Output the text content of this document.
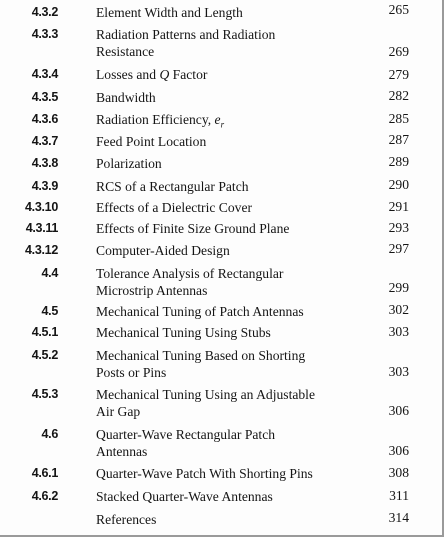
4.3.2	Element Width and Length	265
4.3.3	Radiation Patterns and Radiation
Resistance	269
4.3.4	Losses and Q Factor	279
4.3.5	Bandwidth	282
4.3.6	Radiation Efficiency, $e_r$	285
4.3.7	Feed Point Location	287
4.3.8	Polarization	289
4.3.9	RCS of a Rectangular Patch	290
4.3.10	Effects of a Dielectric Cover	291
4.3.11	Effects of Finite Size Ground Plane	293
4.3.12	Computer-Aided Design	297
4.4	Tolerance Analysis of Rectangular
Microstrip Antennas	299
4.5	Mechanical Tuning of Patch Antennas	302
4.5.1	Mechanical Tuning Using Stubs	303
4.5.2	Mechanical Tuning Based on Shorting
Posts or Pins	303
4.5.3	Mechanical Tuning Using an Adjustable
Air Gap	306
4.6	Quarter-Wave Rectangular Patch
Antennas	306
4.6.1	Quarter-Wave Patch With Shorting Pins	308
4.6.2	Stacked Quarter-Wave Antennas	311
References	314
